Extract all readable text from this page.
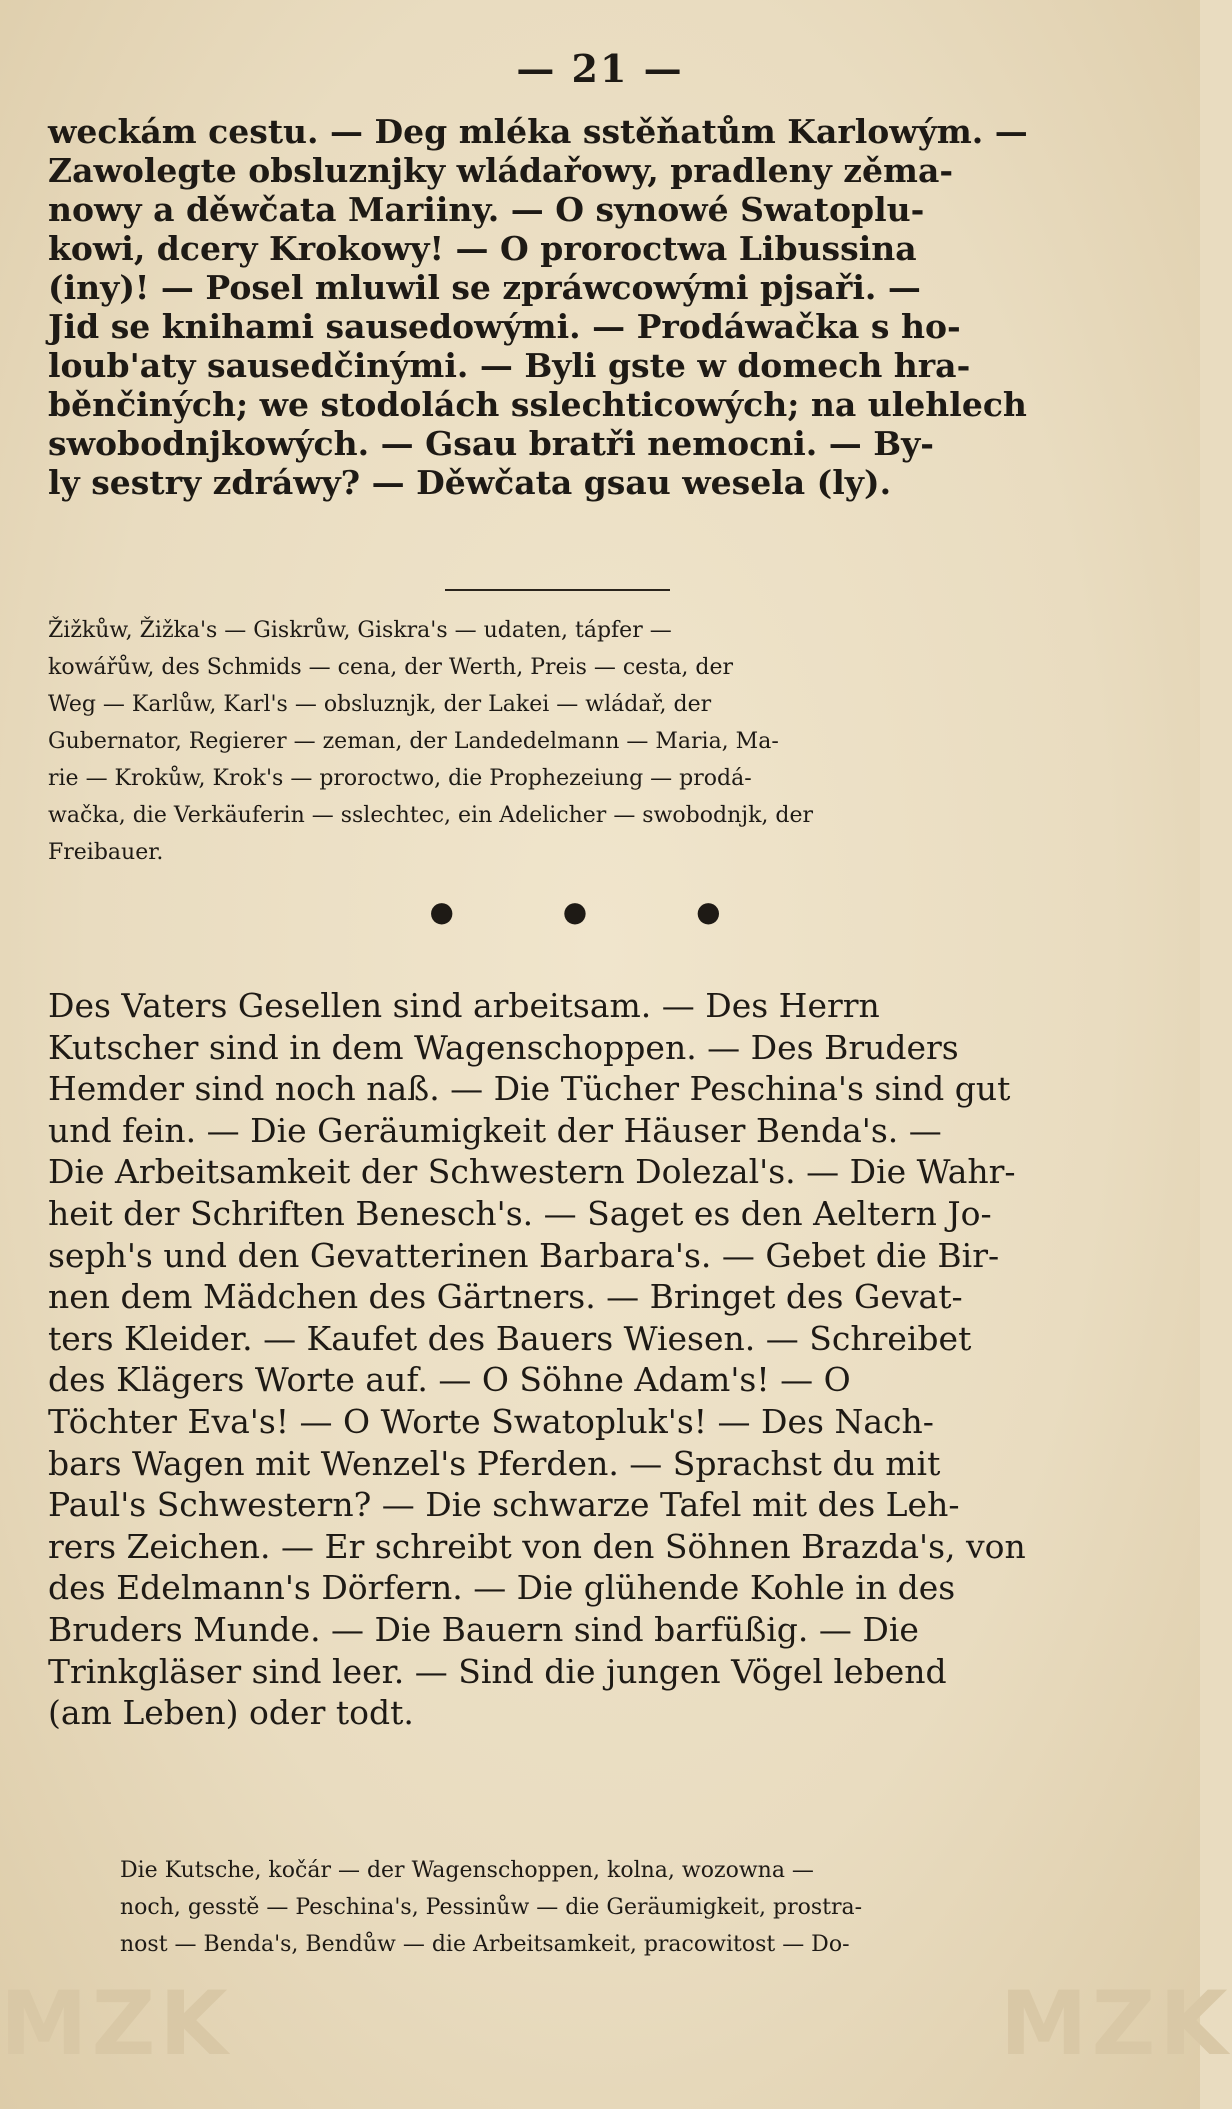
— 21 —

weckám cestu. — Deg mléka sstěňatům Karlowým. —

Zawolegte obsluznjky wládařowy, pradleny zěma-

nowy a děwčata Mariiny. — O synowé Swatoplu-

kowi, dcery Krokowy! — O proroctwa Libussina

(iny)! — Posel mluwil se zpráwcowými pjsaři. —

Jid se knihami sausedowými. — Prodáwačka s ho-

loub'aty sausedčinými. — Byli gste w domech hra-

běnčiných; we stodolách sslechticowých; na ulehlech

swobodnjkowých. — Gsau bratři nemocni. — By-

ly sestry zdráwy? — Děwčata gsau wesela (ly).

Žižkůw, Žižka's — Giskrůw, Giskra's — udaten, tápfer —

kowářůw, des Schmids — cena, der Werth, Preis — cesta, der

Weg — Karlůw, Karl's — obsluznjk, der Lakei — wládař, der

Gubernator, Regierer — zeman, der Landedelmann — Maria, Ma-

rie — Krokůw, Krok's — proroctwo, die Prophezeiung — prodá-

wačka, die Verkäuferin — sslechtec, ein Adelicher — swobodnjk, der

Freibauer.

● ● ●

Des Vaters Gesellen sind arbeitsam. — Des Herrn

Kutscher sind in dem Wagenschoppen. — Des Bruders

Hemder sind noch naß. — Die Tücher Peschina's sind gut

und fein. — Die Geräumigkeit der Häuser Benda's. —

Die Arbeitsamkeit der Schwestern Dolezal's. — Die Wahr-

heit der Schriften Benesch's. — Saget es den Aeltern Jo-

seph's und den Gevatterinen Barbara's. — Gebet die Bir-

nen dem Mädchen des Gärtners. — Bringet des Gevat-

ters Kleider. — Kaufet des Bauers Wiesen. — Schreibet

des Klägers Worte auf. — O Söhne Adam's! — O

Töchter Eva's! — O Worte Swatopluk's! — Des Nach-

bars Wagen mit Wenzel's Pferden. — Sprachst du mit

Paul's Schwestern? — Die schwarze Tafel mit des Leh-

rers Zeichen. — Er schreibt von den Söhnen Brazda's, von

des Edelmann's Dörfern. — Die glühende Kohle in des

Bruders Munde. — Die Bauern sind barfüßig. — Die

Trinkgläser sind leer. — Sind die jungen Vögel lebend

(am Leben) oder todt.

Die Kutsche, kočár — der Wagenschoppen, kolna, wozowna —

noch, gesstě — Peschina's, Pessinůw — die Geräumigkeit, prostra-

nost — Benda's, Bendůw — die Arbeitsamkeit, pracowitost — Do-

MZK	MZK
